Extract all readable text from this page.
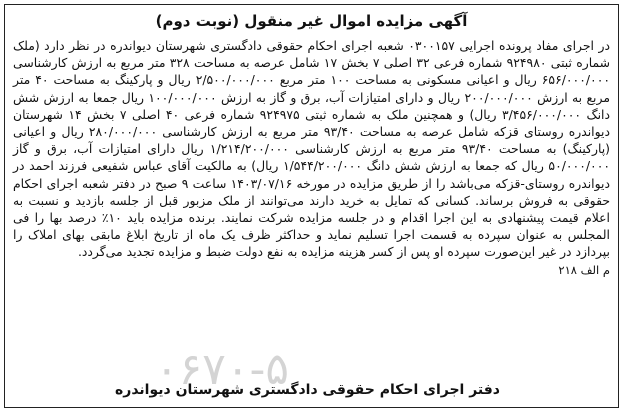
آگهی مزایده اموال غیر منقول (نوبت دوم)

در اجرای مفاد پرونده اجرایی ۰۳۰۰۱۵۷ شعبه اجرای احکام حقوقی دادگستری شهرستان دیواندره در نظر دارد (ملک شماره ثبتی ۹۲۴۹۸۰ شماره فرعی ۳۲ اصلی ۷ بخش ۱۷ شامل عرصه به مساحت ۳۲۸ متر مربع به ارزش کارشناسی ۶۵۶/۰۰۰/۰۰۰ ریال و اعیانی مسکونی به مساحت ۱۰۰ متر مربع ۲/۵۰۰/۰۰۰/۰۰۰ ریال و پارکینگ به مساحت ۴۰ متر مربع به ارزش ۲۰۰/۰۰۰/۰۰۰ ریال و دارای امتیازات آب، برق و گاز به ارزش ۱۰۰/۰۰۰/۰۰۰ ریال جمعا به ارزش شش دانگ ۳/۴۵۶/۰۰۰/۰۰۰ ریال) و همچنین ملک به شماره ثبتی ۹۲۴۹۷۵ شماره فرعی ۴۰ اصلی ۷ بخش ۱۴ شهرستان دیواندره روستای قزکه شامل عرصه به مساحت ۹۳/۴۰ متر مربع به ارزش کارشناسی ۲۸۰/۰۰۰/۰۰۰ ریال و اعیانی (پارکینگ) به مساحت ۹۳/۴۰ متر مربع به ارزش کارشناسی ۱/۲۱۴/۲۰۰/۰۰۰ ریال دارای امتیازات آب، برق و گاز ۵۰/۰۰۰/۰۰۰ ریال که جمعا به ارزش شش دانگ ۱/۵۴۴/۲۰۰/۰۰۰ ریال) به مالکیت آقای عباس شفیعی فرزند احمد در دیواندره روستای-قزکه می‌باشد را از طریق مزایده در مورخه ۱۴۰۳/۰۷/۱۶ ساعت ۹ صبح در دفتر شعبه اجرای احکام حقوقی به فروش برساند. کسانی که تمایل به خرید دارند می‌توانند از ملک مزبور قبل از جلسه بازدید و نسبت به اعلام قیمت پیشنهادی به این اجرا اقدام و در جلسه مزایده شرکت نمایند. برنده مزایده باید ۱۰٪ درصد بها را فی المجلس به عنوان سپرده به قسمت اجرا تسلیم نماید و حداکثر ظرف یک ماه از تاریخ ابلاغ مابقی بهای املاک را بپردازد در غیر این‌صورت سپرده او پس از کسر هزینه مزایده به نفع دولت ضبط و مزایده تجدید می‌گردد.

م الف ۲۱۸
۰۶۷۰-۵
دفتر اجرای احکام حقوقی دادگستری شهرستان دیواندره
